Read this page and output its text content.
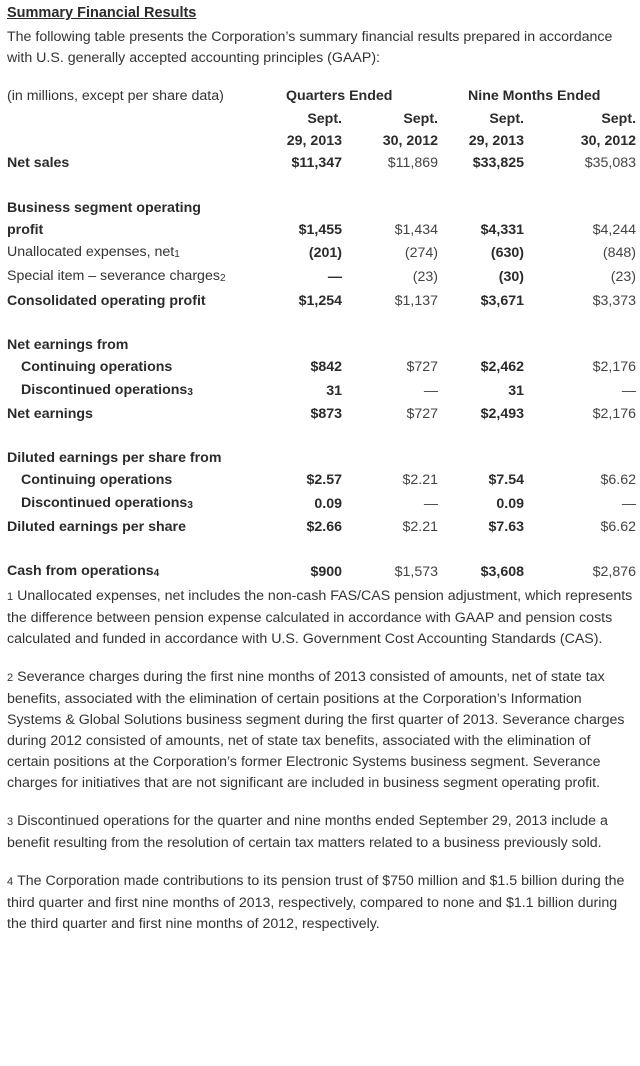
Summary Financial Results
The following table presents the Corporation’s summary financial results prepared in accordance with U.S. generally accepted accounting principles (GAAP):
(in millions, except per share data)	Quarters Ended		Nine Months Ended	
	Sept.	Sept.	Sept.	Sept.
	29, 2013	30, 2012	29, 2013	30, 2012
Net sales	$11,347	$11,869	$33,825	$35,083

Business segment operating				
profit	$1,455	$1,434	$4,331	$4,244
Unallocated expenses, net$_1$	(201)	(274)	(630)	(848)
Special item – severance charges$_2$	—	(23)	(30)	(23)
Consolidated operating profit	$1,254	$1,137	$3,671	$3,373

Net earnings from				
Continuing operations	$842	$727	$2,462	$2,176
Discontinued operations$_3$	31	—	31	—
Net earnings	$873	$727	$2,493	$2,176

Diluted earnings per share from				
Continuing operations	$2.57	$2.21	$7.54	$6.62
Discontinued operations$_3$	0.09	—	0.09	—
Diluted earnings per share	$2.66	$2.21	$7.63	$6.62

Cash from operations$_4$	$900	$1,573	$3,608	$2,876

1 Unallocated expenses, net includes the non-cash FAS/CAS pension adjustment, which represents the difference between pension expense calculated in accordance with GAAP and pension costs calculated and funded in accordance with U.S. Government Cost Accounting Standards (CAS).

2 Severance charges during the first nine months of 2013 consisted of amounts, net of state tax benefits, associated with the elimination of certain positions at the Corporation’s Information Systems & Global Solutions business segment during the first quarter of 2013. Severance charges during 2012 consisted of amounts, net of state tax benefits, associated with the elimination of certain positions at the Corporation’s former Electronic Systems business segment. Severance charges for initiatives that are not significant are included in business segment operating profit.

3 Discontinued operations for the quarter and nine months ended September 29, 2013 include a benefit resulting from the resolution of certain tax matters related to a business previously sold.

4 The Corporation made contributions to its pension trust of $750 million and $1.5 billion during the third quarter and first nine months of 2013, respectively, compared to none and $1.1 billion during the third quarter and first nine months of 2012, respectively.
